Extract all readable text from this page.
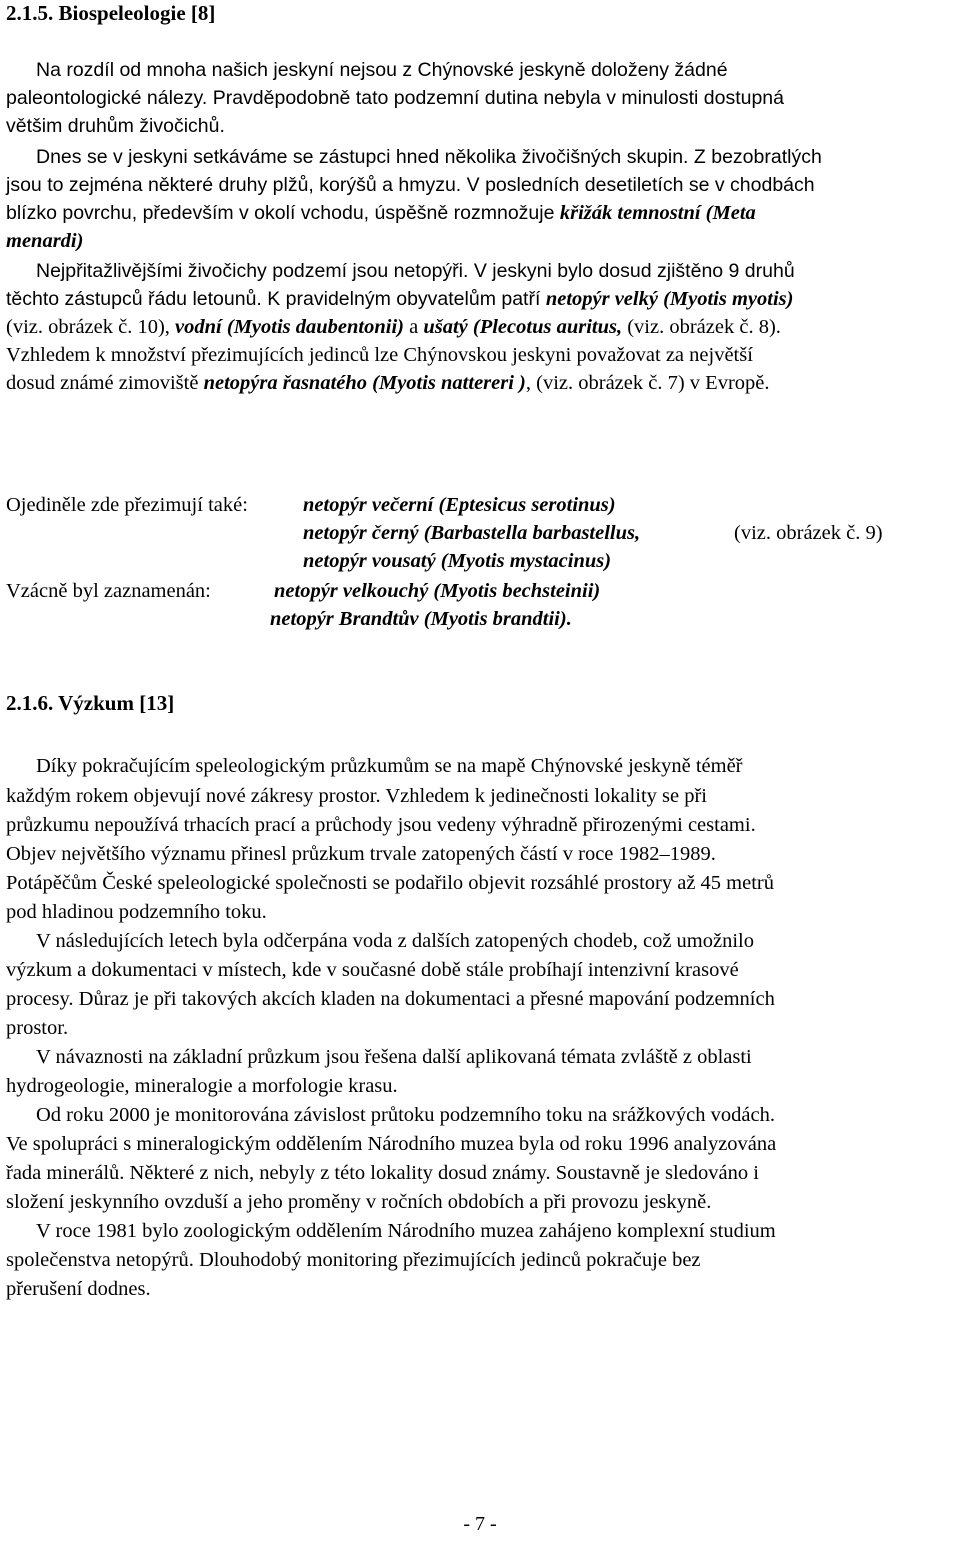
2.1.5. Biospeleologie [8]
Na rozdíl od mnoha našich jeskyní nejsou z Chýnovské jeskyně doloženy žádné
paleontologické nálezy. Pravděpodobně tato podzemní dutina nebyla v minulosti dostupná
většim druhům živočichů.
Dnes se v jeskyni setkáváme se zástupci hned několika živočišných skupin. Z bezobratlých
jsou to zejména některé druhy plžů, korýšů a hmyzu. V posledních desetiletích se v chodbách
blízko povrchu, především v okolí vchodu, úspěšně rozmnožuje křižák temnostní (Meta
menardi)
Nejpřitažlivějšími živočichy podzemí jsou netopýři. V jeskyni bylo dosud zjištěno 9 druhů
těchto zástupců řádu letounů. K pravidelným obyvatelům patří netopýr velký (Myotis myotis)
(viz. obrázek č. 10), vodní (Myotis daubentonii) a ušatý (Plecotus auritus, (viz. obrázek č. 8).
Vzhledem k množství přezimujících jedinců lze Chýnovskou jeskyni považovat za největší
dosud známé zimoviště netopýra řasnatého (Myotis nattereri ), (viz. obrázek č. 7) v Evropě.
Ojediněle zde přezimují také:	netopýr večerní (Eptesicus serotinus)
netopýr černý (Barbastella barbastellus,	(viz. obrázek č. 9)
netopýr vousatý (Myotis mystacinus)
Vzácně byl zaznamenán:	netopýr velkouchý (Myotis bechsteinii)
netopýr Brandtův (Myotis brandtii).
2.1.6. Výzkum [13]
Díky pokračujícím speleologickým průzkumům se na mapě Chýnovské jeskyně téměř
každým rokem objevují nové zákresy prostor. Vzhledem k jedinečnosti lokality se při
průzkumu nepoužívá trhacích prací a průchody jsou vedeny výhradně přirozenými cestami.
Objev největšího významu přinesl průzkum trvale zatopených částí v roce 1982–1989.
Potápěčům České speleologické společnosti se podařilo objevit rozsáhlé prostory až 45 metrů
pod hladinou podzemního toku.
V následujících letech byla odčerpána voda z dalších zatopených chodeb, což umožnilo
výzkum a dokumentaci v místech, kde v současné době stále probíhají intenzivní krasové
procesy. Důraz je při takových akcích kladen na dokumentaci a přesné mapování podzemních
prostor.
V návaznosti na základní průzkum jsou řešena další aplikovaná témata zvláště z oblasti
hydrogeologie, mineralogie a morfologie krasu.
Od roku 2000 je monitorována závislost průtoku podzemního toku na srážkových vodách.
Ve spolupráci s mineralogickým oddělením Národního muzea byla od roku 1996 analyzována
řada minerálů. Některé z nich, nebyly z této lokality dosud známy. Soustavně je sledováno i
složení jeskynního ovzduší a jeho proměny v ročních obdobích a při provozu jeskyně.
V roce 1981 bylo zoologickým oddělením Národního muzea zahájeno komplexní studium
společenstva netopýrů. Dlouhodobý monitoring přezimujících jedinců pokračuje bez
přerušení dodnes.
- 7 -
